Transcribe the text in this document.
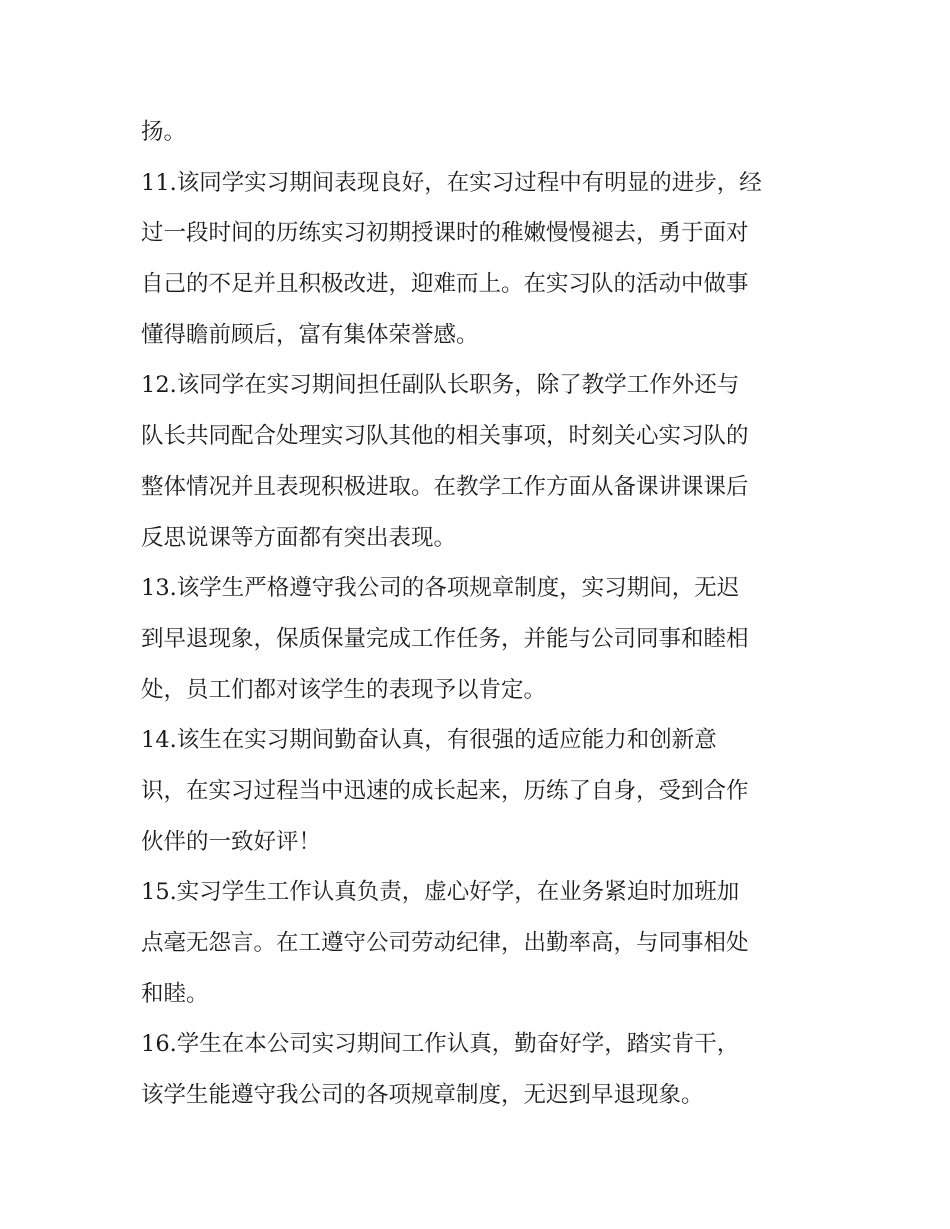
扬。
11.该同学实习期间表现良好，在实习过程中有明显的进步，经
过一段时间的历练实习初期授课时的稚嫩慢慢褪去，勇于面对
自己的不足并且积极改进，迎难而上。在实习队的活动中做事
懂得瞻前顾后，富有集体荣誉感。
12.该同学在实习期间担任副队长职务，除了教学工作外还与
队长共同配合处理实习队其他的相关事项，时刻关心实习队的
整体情况并且表现积极进取。在教学工作方面从备课讲课课后
反思说课等方面都有突出表现。
13.该学生严格遵守我公司的各项规章制度，实习期间，无迟
到早退现象，保质保量完成工作任务，并能与公司同事和睦相
处，员工们都对该学生的表现予以肯定。
14.该生在实习期间勤奋认真，有很强的适应能力和创新意
识，在实习过程当中迅速的成长起来，历练了自身，受到合作
伙伴的一致好评！
15.实习学生工作认真负责，虚心好学，在业务紧迫时加班加
点毫无怨言。在工遵守公司劳动纪律，出勤率高，与同事相处
和睦。
16.学生在本公司实习期间工作认真，勤奋好学，踏实肯干，
该学生能遵守我公司的各项规章制度，无迟到早退现象。
